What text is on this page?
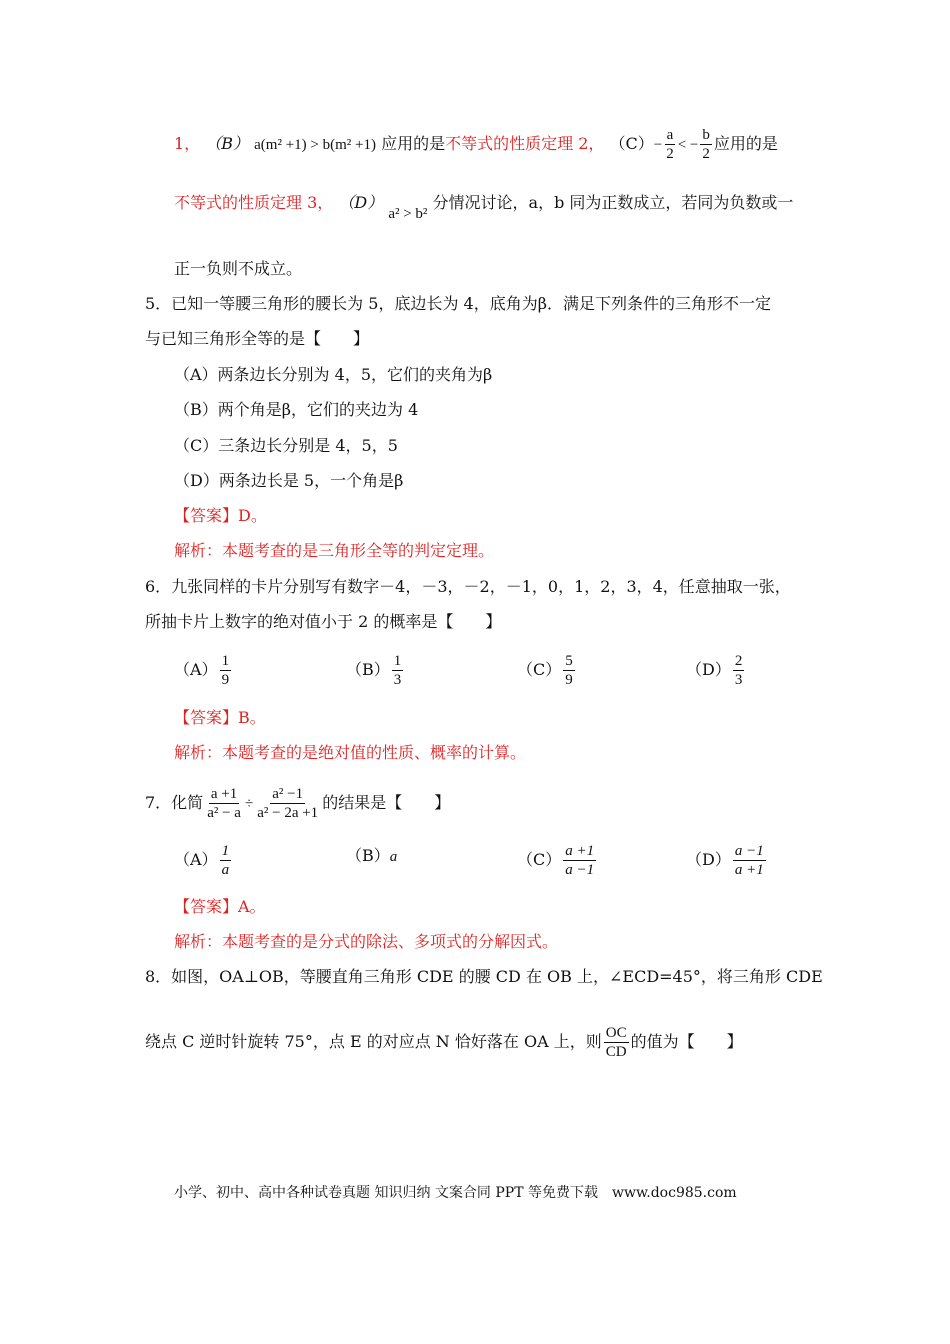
1， （B） a(m² +1) > b(m² +1) 应用的是不等式的性质定理 2， $(C)- \frac{a}{2}$ < − $\frac{b}{2}$ 应用的是
不等式的性质定理 3， （D） a² > b² 分情况讨论，a，b 同为正数成立，若同为负数或一
正一负则不成立。
5．已知一等腰三角形的腰长为 5，底边长为 4，底角为β．满足下列条件的三角形不一定
与已知三角形全等的是【　　】
（A）两条边长分别为 4，5，它们的夹角为β
（B）两个角是β，它们的夹边为 4
（C）三条边长分别是 4，5，5
（D）两条边长是 5，一个角是β
【答案】D。
解析：本题考查的是三角形全等的判定定理。
6．九张同样的卡片分别写有数字－4，－3，－2，－1，0，1，2，3，4，任意抽取一张，
所抽卡片上数字的绝对值小于 2 的概率是【　　】
$(A) \frac{1}{9}$	$(B) \frac{1}{3}$	$(C) \frac{5}{9}$	$(D) \frac{2}{3}$
【答案】B。
解析：本题考查的是绝对值的性质、概率的计算。
7．化简 $\frac{a +1}{\text{a² − a}} \div \frac{\text{a² −1}}{\text{a² − 2a +1}}$ 的结果是【　　】
$(A) \frac{1}{a}$	（B）a	$(C) \frac{a +1}{a -1}$	$(D) \frac{a -1}{a +1}$
【答案】A。
解析：本题考查的是分式的除法、多项式的分解因式。
8．如图，OA⊥OB，等腰直角三角形 CDE 的腰 CD 在 OB 上，∠ECD=45°，将三角形 CDE
绕点 C 逆时针旋转 75°，点 E 的对应点 N 恰好落在 OA 上，则 $\frac{OC}{CD}$ 的值为【　　】
小学、初中、高中各种试卷真题 知识归纳 文案合同 PPT 等免费下载　www.doc985.com
